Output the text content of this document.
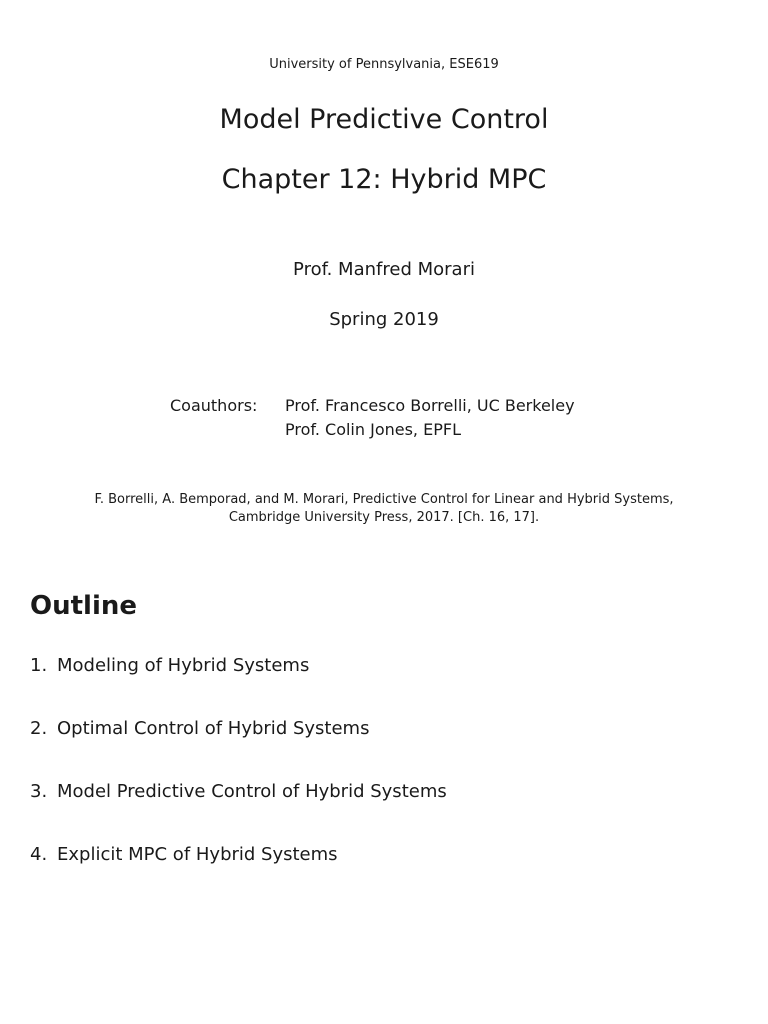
University of Pennsylvania, ESE619
Model Predictive Control
Chapter 12: Hybrid MPC
Prof. Manfred Morari
Spring 2019
Coauthors: Prof. Francesco Borrelli, UC Berkeley
Prof. Colin Jones, EPFL
F. Borrelli, A. Bemporad, and M. Morari, Predictive Control for Linear and Hybrid Systems,
Cambridge University Press, 2017. [Ch. 16, 17].
Outline
1. Modeling of Hybrid Systems
2. Optimal Control of Hybrid Systems
3. Model Predictive Control of Hybrid Systems
4. Explicit MPC of Hybrid Systems
